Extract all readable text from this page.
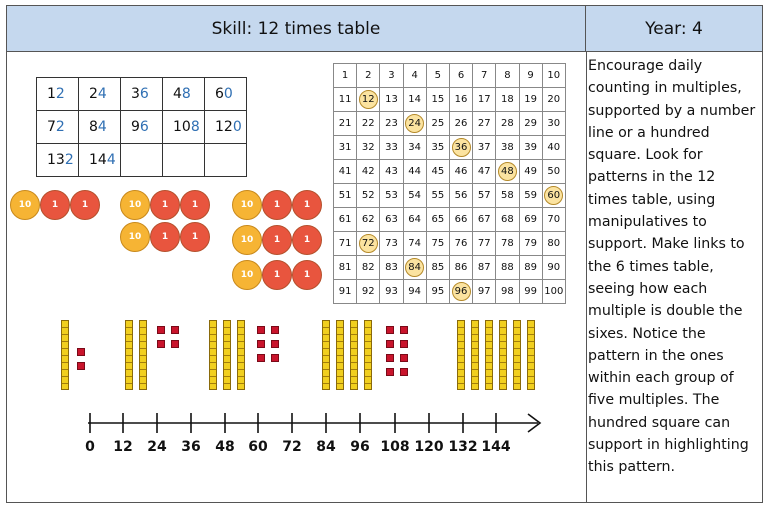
Skill: 12 times table	Year: 4
Encourage daily counting in multiples, supported by a number line or a hundred square. Look for patterns in the 12 times table, using manipulatives to support. Make links to the 6 times table, seeing how each multiple is double the sixes. Notice the pattern in the ones within each group of five multiples. The hundred square can support in highlighting this pattern.
12	24	36	48	60
72	84	96	108	120
132	144			
1	2	3	4	5	6	7	8	9	10
11	12	13	14	15	16	17	18	19	20
21	22	23	24	25	26	27	28	29	30
31	32	33	34	35	36	37	38	39	40
41	42	43	44	45	46	47	48	49	50
51	52	53	54	55	56	57	58	59	60
61	62	63	64	65	66	67	68	69	70
71	72	73	74	75	76	77	78	79	80
81	82	83	84	85	86	87	88	89	90
91	92	93	94	95	96	97	98	99	100
10	1	1	10	1	1
10	1	1
10	1	1
10	1	1
10	1	1
0 12 24 36 48 60 72 84 96 108 120 132 144
